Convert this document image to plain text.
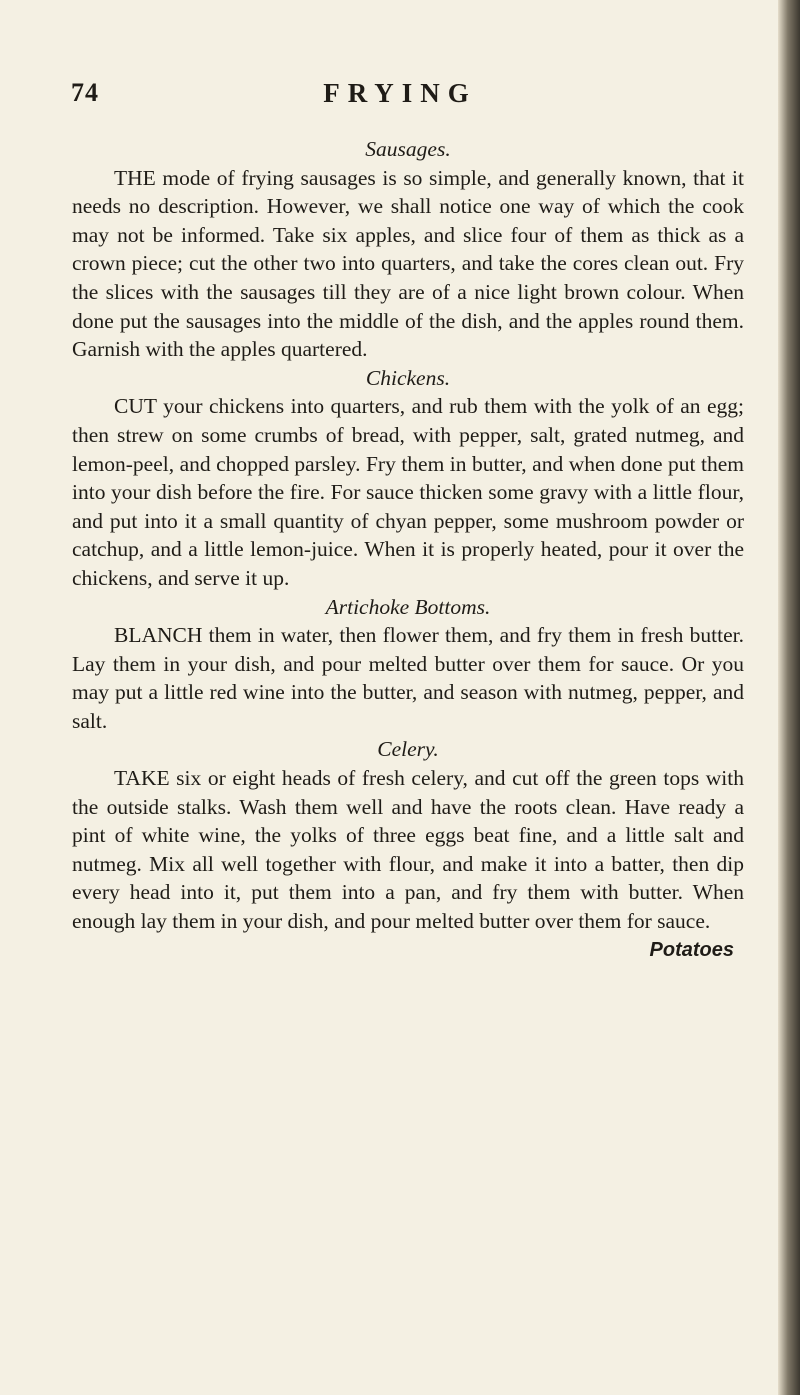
74	FRYING
Sausages.

THE mode of frying sausages is so simple, and generally known, that it needs no description. However, we shall notice one way of which the cook may not be informed. Take six apples, and slice four of them as thick as a crown piece; cut the other two into quarters, and take the cores clean out. Fry the slices with the sausages till they are of a nice light brown colour. When done put the sausages into the middle of the dish, and the apples round them. Garnish with the apples quartered.

Chickens.

CUT your chickens into quarters, and rub them with the yolk of an egg; then strew on some crumbs of bread, with pepper, salt, grated nutmeg, and lemon-peel, and chopped parsley. Fry them in butter, and when done put them into your dish before the fire. For sauce thicken some gravy with a little flour, and put into it a small quantity of chyan pepper, some mushroom powder or catchup, and a little lemon-juice. When it is properly heated, pour it over the chickens, and serve it up.

Artichoke Bottoms.

BLANCH them in water, then flower them, and fry them in fresh butter. Lay them in your dish, and pour melted butter over them for sauce. Or you may put a little red wine into the butter, and season with nutmeg, pepper, and salt.

Celery.

TAKE six or eight heads of fresh celery, and cut off the green tops with the outside stalks. Wash them well and have the roots clean. Have ready a pint of white wine, the yolks of three eggs beat fine, and a little salt and nutmeg. Mix all well together with flour, and make it into a batter, then dip every head into it, put them into a pan, and fry them with butter. When enough lay them in your dish, and pour melted butter over them for sauce.

Potatoes
